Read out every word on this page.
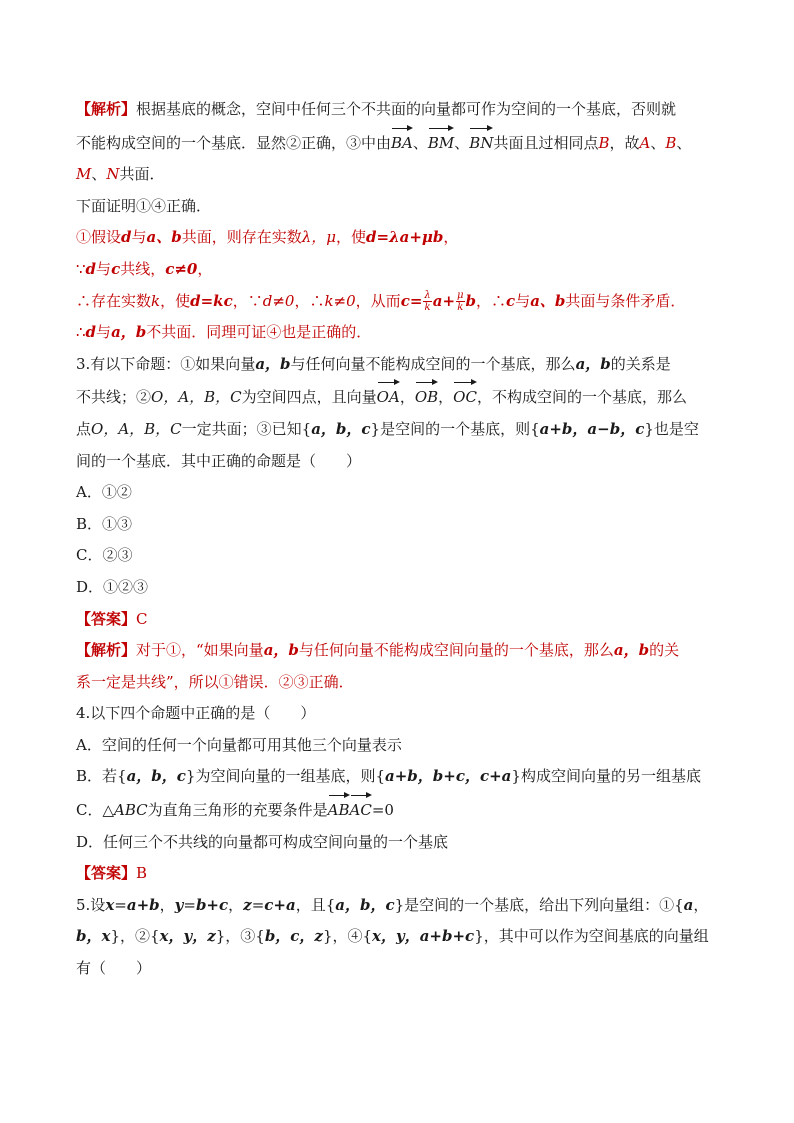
【解析】根据基底的概念，空间中任何三个不共面的向量都可作为空间的一个基底，否则就

不能构成空间的一个基底．显然②正确，③中由BA、BM、BN共面且过相同点B，故A、B、

M、N共面．

下面证明①④正确．

①假设d与a、b共面，则存在实数λ，μ，使d=λa+μb，

∵d与c共线，c≠0，

∴存在实数k，使d=kc，∵d≠0，∴k≠0，从而$c= \frac{\lambda}{k} a+ \frac{\mu}{k}$ b，∴c与a、b共面与条件矛盾．

∴d与a，b不共面．同理可证④也是正确的．

3.有以下命题：①如果向量a，b与任何向量不能构成空间的一个基底，那么a，b的关系是

不共线；②O，A，B，C为空间四点，且向量OA，OB，OC，不构成空间的一个基底，那么

点O，A，B，C一定共面；③已知{a，b，c}是空间的一个基底，则{a+b，a−b，c}也是空

间的一个基底．其中正确的命题是（　　）

A．①②

B．①③

C．②③

D．①②③

【答案】C

【解析】对于①，“如果向量a，b与任何向量不能构成空间向量的一个基底，那么a，b的关

系一定是共线”，所以①错误．②③正确．

4.以下四个命题中正确的是（　　）

A．空间的任何一个向量都可用其他三个向量表示

B．若{a，b，c}为空间向量的一组基底，则{a+b，b+c，c+a}构成空间向量的另一组基底

C．△ABC为直角三角形的充要条件是ABAC=0

D．任何三个不共线的向量都可构成空间向量的一个基底

【答案】B

5.设x=a+b，y=b+c，z=c+a，且{a，b，c}是空间的一个基底，给出下列向量组：①{a，

b，x}，②{x，y，z}，③{b，c，z}，④{x，y，a+b+c}，其中可以作为空间基底的向量组

有（　　）
